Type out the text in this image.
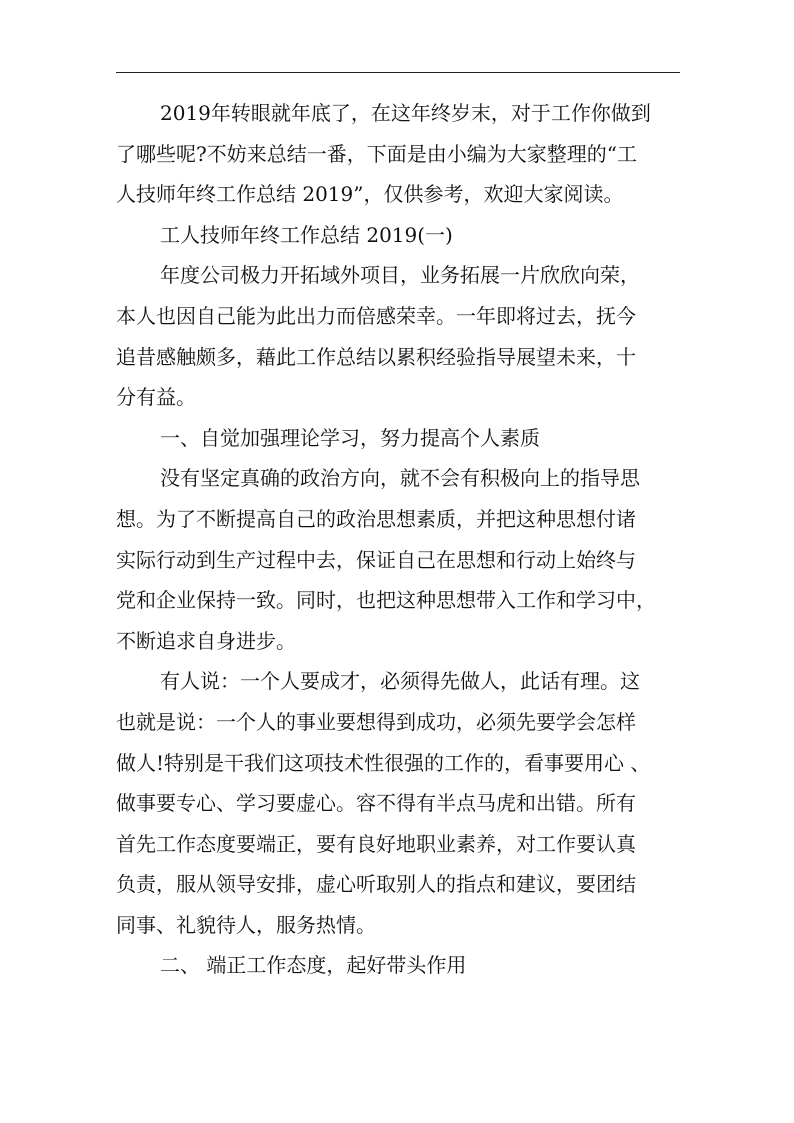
2019年转眼就年底了，在这年终岁末，对于工作你做到
了哪些呢?不妨来总结一番，下面是由小编为大家整理的“工
人技师年终工作总结 2019”，仅供参考，欢迎大家阅读。
工人技师年终工作总结 2019(一)
年度公司极力开拓域外项目，业务拓展一片欣欣向荣，
本人也因自己能为此出力而倍感荣幸。一年即将过去，抚今
追昔感触颇多，藉此工作总结以累积经验指导展望未来，十
分有益。
一、自觉加强理论学习，努力提高个人素质
没有坚定真确的政治方向，就不会有积极向上的指导思
想。为了不断提高自己的政治思想素质，并把这种思想付诸
实际行动到生产过程中去，保证自己在思想和行动上始终与
党和企业保持一致。同时，也把这种思想带入工作和学习中，
不断追求自身进步。
有人说：一个人要成才，必须得先做人，此话有理。这
也就是说：一个人的事业要想得到成功，必须先要学会怎样
做人!特别是干我们这项技术性很强的工作的，看事要用心 、
做事要专心、学习要虚心。容不得有半点马虎和出错。所有
首先工作态度要端正，要有良好地职业素养，对工作要认真
负责，服从领导安排，虚心听取别人的指点和建议，要团结
同事、礼貌待人，服务热情。
二、 端正工作态度，起好带头作用
